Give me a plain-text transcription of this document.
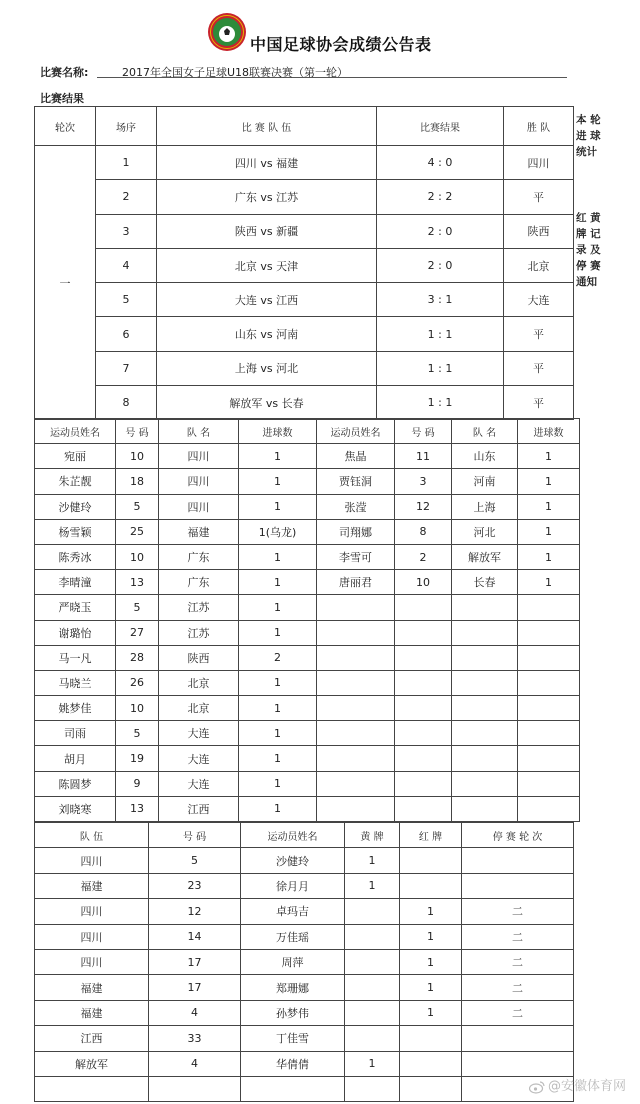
中国足球协会成绩公告表
比赛名称:	2017年全国女子足球U18联赛决赛（第一轮）
比赛结果
轮次	场序	比 赛 队 伍	比赛结果	胜 队
一	1	四川 vs 福建	4 : 0	四川
	2	广东 vs 江苏	2 : 2	平
	3	陕西 vs 新疆	2 : 0	陕西
	4	北京 vs 天津	2 : 0	北京
	5	大连 vs 江西	3 : 1	大连
	6	山东 vs 河南	1 : 1	平
	7	上海 vs 河北	1 : 1	平
	8	解放军 vs 长春	1 : 1	平
本 轮
进 球
统计
红 黄
牌 记
录 及
停 赛
通知
运动员姓名	号 码	队 名	进球数	运动员姓名	号 码	队 名	进球数
宛丽	10	四川	1	焦晶	11	山东	1
朱芷靓	18	四川	1	贾钰洞	3	河南	1
沙健玲	5	四川	1	张滢	12	上海	1
杨雪颖	25	福建	1(乌龙)	司翔娜	8	河北	1
陈秀冰	10	广东	1	李雪可	2	解放军	1
李晴潼	13	广东	1	唐丽君	10	长春	1
严晓玉	5	江苏	1				
谢璐怡	27	江苏	1				
马一凡	28	陕西	2				
马晓兰	26	北京	1				
姚梦佳	10	北京	1				
司雨	5	大连	1				
胡月	19	大连	1				
陈圆梦	9	大连	1				
刘晓寒	13	江西	1				
队 伍	号 码	运动员姓名	黄 牌	红 牌	停 赛 轮 次
四川	5	沙健玲	1		
福建	23	徐月月	1		
四川	12	卓玛吉		1	二
四川	14	万佳瑶		1	二
四川	17	周萍		1	二
福建	17	郑珊娜		1	二
福建	4	孙梦伟		1	二
江西	33	丁佳雪			
解放军	4	华倩倩	1		

@安徽体育网
